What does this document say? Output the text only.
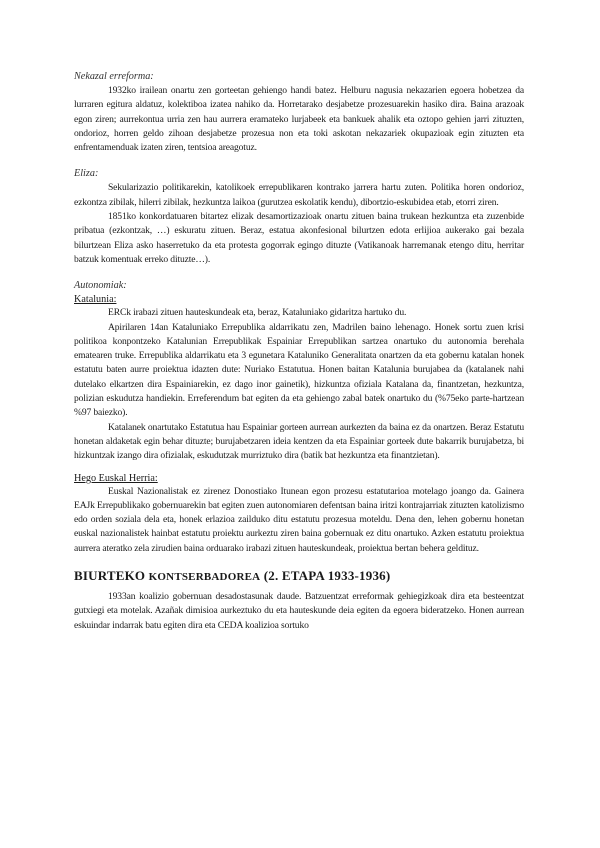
Nekazal erreforma:

1932ko irailean onartu zen gorteetan gehiengo handi batez. Helburu nagusia nekazarien egoera hobetzea da lurraren egitura aldatuz, kolektiboa izatea nahiko da. Horretarako desjabetze prozesuarekin hasiko dira. Baina arazoak egon ziren; aurrekontua urria zen hau aurrera eramateko lurjabeek eta bankuek ahalik eta oztopo gehien jarri zituzten, ondorioz, horren geldo zihoan desjabetze prozesua non eta toki askotan nekazariek okupazioak egin zituzten eta enfrentamenduak izaten ziren, tentsioa areagotuz.

Eliza:

Sekularizazio politikarekin, katolikoek errepublikaren kontrako jarrera hartu zuten. Politika horen ondorioz, ezkontza zibilak, hilerri zibilak, hezkuntza laikoa (gurutzea eskolatik kendu), dibortzio-eskubidea etab, etorri ziren.

1851ko konkordatuaren bitartez elizak desamortizazioak onartu zituen baina trukean hezkuntza eta zuzenbide pribatua (ezkontzak, …) eskuratu zituen. Beraz, estatua akonfesional bilurtzen edota erlijioa aukerako gai bezala bilurtzean Eliza asko haserretuko da eta protesta gogorrak egingo dituzte (Vatikanoak harremanak etengo ditu, herritar batzuk komentuak erreko dituzte…).

Autonomiak:
Katalunia:

ERCk irabazi zituen hauteskundeak eta, beraz, Kataluniako gidaritza hartuko du.

Apirilaren 14an Kataluniako Errepublika aldarrikatu zen, Madrilen baino lehenago. Honek sortu zuen krisi politikoa konpontzeko Katalunian Errepublikak Espainiar Errepublikan sartzea onartuko du autonomia berehala ematearen truke. Errepublika aldarrikatu eta 3 egunetara Kataluniko Generalitata onartzen da eta gobernu katalan honek estatutu baten aurre proiektua idazten dute: Nuriako Estatutua. Honen baitan Katalunia burujabea da (katalanek nahi dutelako elkartzen dira Espainiarekin, ez dago inor gainetik), hizkuntza ofiziala Katalana da, finantzetan, hezkuntza, polizian eskudutza handiekin. Erreferendum bat egiten da eta gehiengo zabal batek onartuko du (%75eko parte-hartzean %97 baiezko).

Katalanek onartutako Estatutua hau Espainiar gorteen aurrean aurkezten da baina ez da onartzen. Beraz Estatutu honetan aldaketak egin behar dituzte; burujabetzaren ideia kentzen da eta Espainiar gorteek dute bakarrik burujabetza, bi hizkuntzak izango dira ofizialak, eskudutzak murriztuko dira (batik bat hezkuntza eta finantzietan).

Hego Euskal Herria:

Euskal Nazionalistak ez zirenez Donostiako Itunean egon prozesu estatutarioa motelago joango da. Gainera EAJk Errepublikako gobernuarekin bat egiten zuen autonomiaren defentsan baina iritzi kontrajarriak zituzten katolizismo edo orden soziala dela eta, honek erlazioa zailduko ditu estatutu prozesua moteldu. Dena den, lehen gobernu honetan euskal nazionalistek hainbat estatutu proiektu aurkeztu ziren baina gobernuak ez ditu onartuko. Azken estatutu proiektua aurrera ateratko zela zirudien baina orduarako irabazi zituen hauteskundeak, proiektua bertan behera geldituz.

BIURTEKO KONTSERBADOREA (2. ETAPA 1933-1936)

1933an koalizio gobernuan desadostasunak daude. Batzuentzat erreformak gehiegizkoak dira eta besteentzat gutxiegi eta motelak. Azañak dimisioa aurkeztuko du eta hauteskunde deia egiten da egoera bideratzeko. Honen aurrean eskuindar indarrak batu egiten dira eta CEDA koalizioa sortuko
